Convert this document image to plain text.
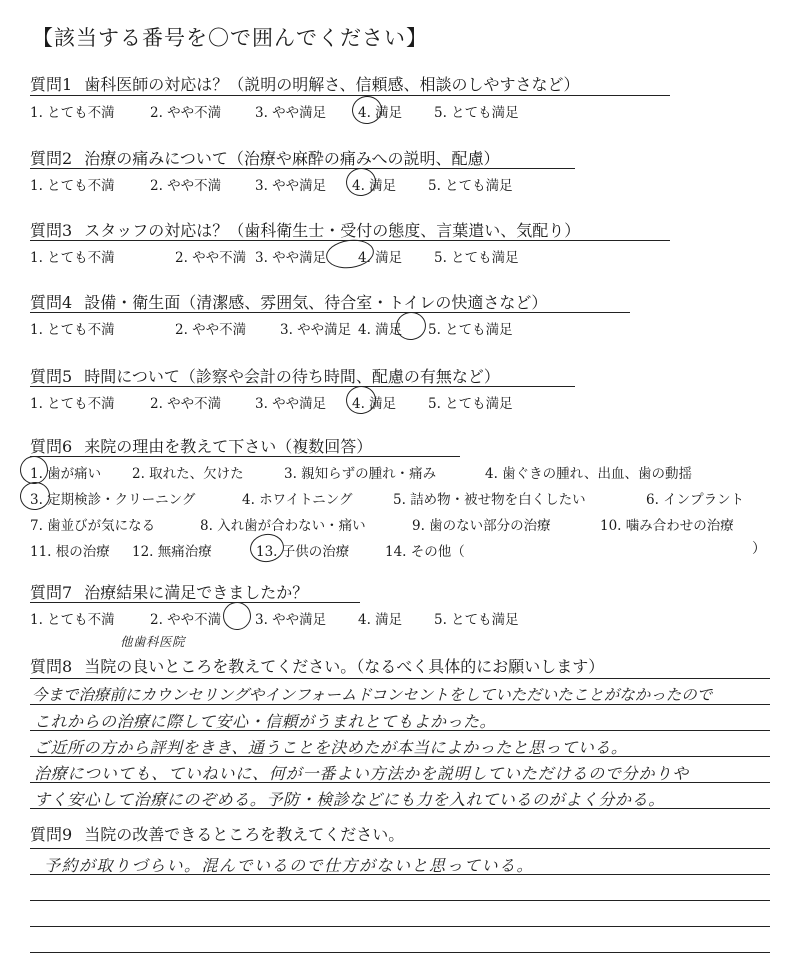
【該当する番号を〇で囲んでください】
質問1 歯科医師の対応は？（説明の明解さ、信頼感、相談のしやすさなど）
1. とても不満	2. やや不満	3. やや満足 4. 満足 5. とても満足
質問2 治療の痛みについて（治療や麻酔の痛みへの説明、配慮）
1. とても不満	2. やや不満	3. やや満足 4. 満足 5. とても満足
質問3 スタッフの対応は？（歯科衛生士・受付の態度、言葉遣い、気配り）
1. とても不満	2. やや不満 3. やや満足 4. 満足 5. とても満足
質問4 設備・衛生面（清潔感、雰囲気、待合室・トイレの快適さなど）
1. とても不満	2. やや不満	3. やや満足 4. 満足 5. とても満足
質問5 時間について（診察や会計の待ち時間、配慮の有無など）
1. とても不満	2. やや不満	3. やや満足 4. 満足 5. とても満足
質問6 来院の理由を教えて下さい（複数回答）
1. 歯が痛い 2. 取れた、欠けた	3. 親知らずの腫れ・痛み	4. 歯ぐきの腫れ、出血、歯の動揺
3. 定期検診・クリーニング	4. ホワイトニング	5. 詰め物・被せ物を白くしたい	6. インプラント
7. 歯並びが気になる	8. 入れ歯が合わない・痛い	9. 歯のない部分の治療	10. 噛み合わせの治療
11. 根の治療 12. 無痛治療	13. 子供の治療	14. その他（	）
質問7 治療結果に満足できましたか？
1. とても不満	2. やや不満	3. やや満足 4. 満足 5. とても満足
他歯科医院
質問8 当院の良いところを教えてください。（なるべく具体的にお願いします）
今まで治療前にカウンセリングやインフォームドコンセントをしていただいたことがなかったので
これからの治療に際して安心・信頼がうまれとてもよかった。
ご近所の方から評判をきき、通うことを決めたが本当によかったと思っている。
治療についても、ていねいに、何が一番よい方法かを説明していただけるので分かりや
すく安心して治療にのぞめる。予防・検診などにも力を入れているのがよく分かる。
質問9 当院の改善できるところを教えてください。
予約が取りづらい。混んでいるので仕方がないと思っている。
